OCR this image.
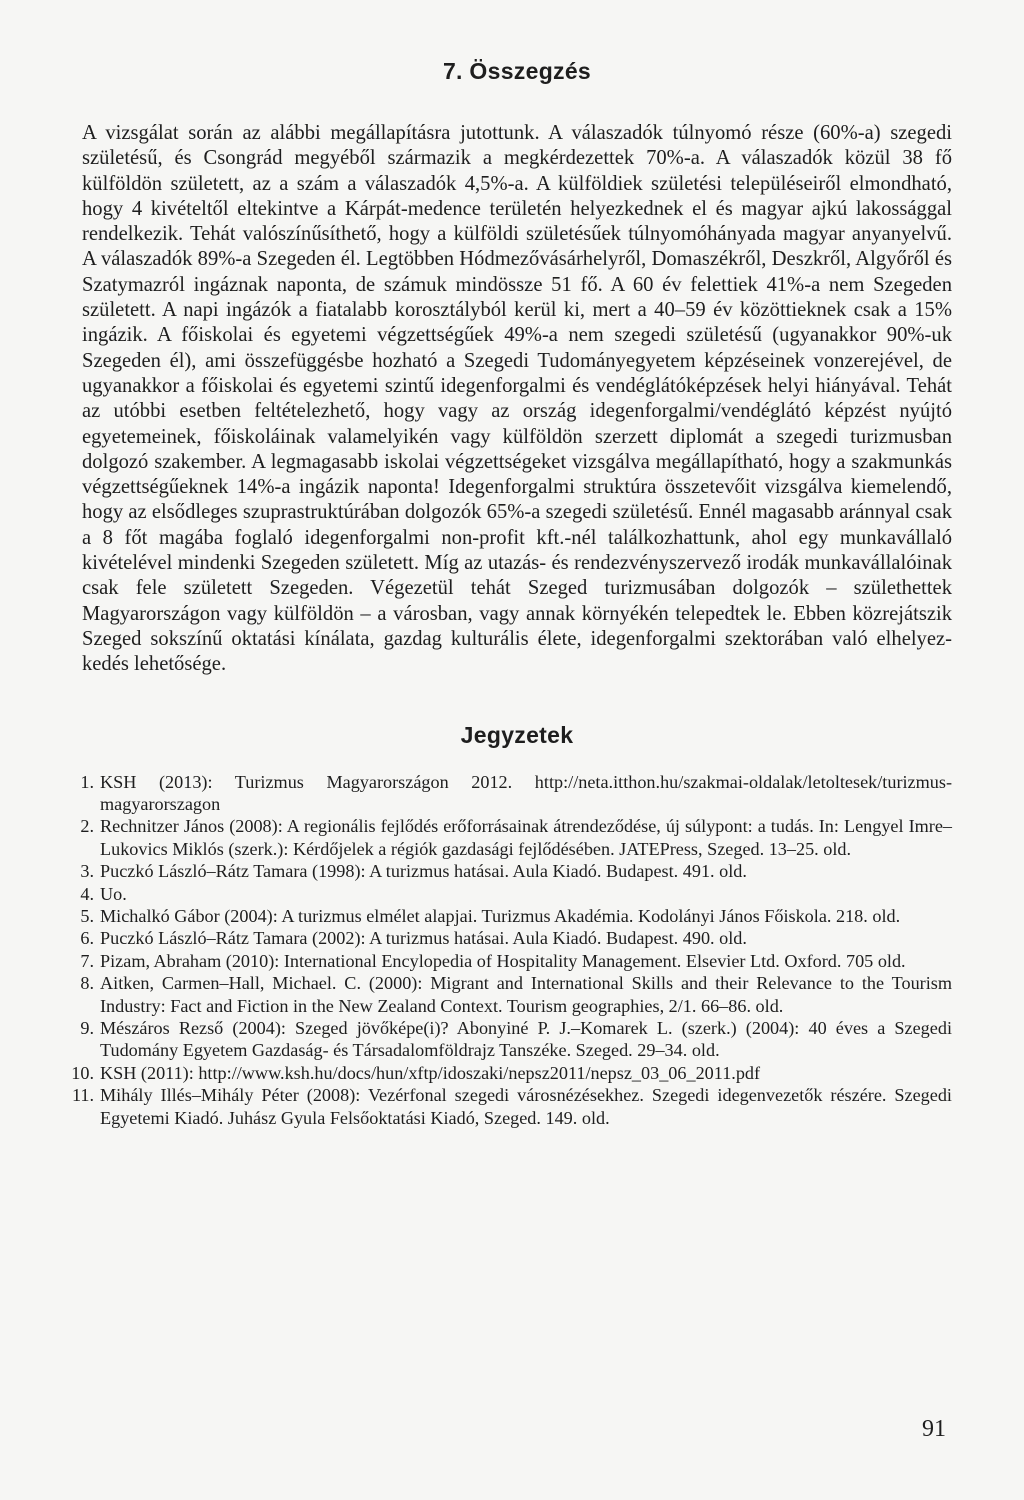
7. Összegzés

A vizsgálat során az alábbi megállapításra jutottunk. A válaszadók túlnyomó része (60%-a) szegedi születésű, és Csongrád megyéből származik a megkérdezettek 70%-a. A válaszadók közül 38 fő külföldön született, az a szám a válaszadók 4,5%-a. A külföldiek születési településeiről elmondható, hogy 4 kivételtől eltekintve a Kárpát-medence területén helyezkednek el és magyar ajkú lakossággal rendelkezik. Tehát valószínűsíthető, hogy a külföldi születésűek túlnyomóhányada magyar anyanyelvű. A válaszadók 89%-a Szegeden él. Legtöbben Hódmezővásárhelyről, Domaszékről, Deszkről, Algyőről és Szatymazról ingáznak naponta, de számuk mindössze 51 fő. A 60 év felettiek 41%-a nem Szegeden született. A napi ingázók a fiatalabb korosztályból kerül ki, mert a 40–59 év közöttieknek csak a 15% ingázik. A főiskolai és egyetemi végzettségűek 49%-a nem szegedi születésű (ugyanakkor 90%-uk Szegeden él), ami összefüggésbe hozható a Szegedi Tudományegyetem képzéseinek vonzerejével, de ugyanakkor a főiskolai és egyetemi szintű idegenforgalmi és vendéglátóképzések helyi hiányával. Tehát az utóbbi esetben feltételezhető, hogy vagy az ország idegenforgalmi/vendéglátó képzést nyújtó egyetemeinek, főiskoláinak valamelyikén vagy külföldön szerzett diplomát a szegedi turizmusban dolgozó szakember. A legmagasabb iskolai végzettségeket vizsgálva megállapítható, hogy a szakmunkás végzettségűeknek 14%-a ingázik naponta! Idegenforgalmi struktúra összetevőit vizsgálva kiemelendő, hogy az elsődleges szuprastruktúrában dolgozók 65%-a szegedi születésű. Ennél magasabb aránnyal csak a 8 főt magába foglaló idegenforgalmi non-profit kft.-nél találkozhattunk, ahol egy munkavállaló kivételével mindenki Szegeden született. Míg az utazás- és rendezvényszervező irodák munkavállalóinak csak fele született Szegeden. Végezetül tehát Szeged turizmusában dolgozók – születhettek Magyarországon vagy külföldön – a városban, vagy annak környékén telepedtek le. Ebben közrejátszik Szeged sokszínű oktatási kínálata, gazdag kulturális élete, idegenforgalmi szektorában való elhelyezkedés lehetősége.

Jegyzetek
1. KSH (2013): Turizmus Magyarországon 2012. http://neta.itthon.hu/szakmai-oldalak/​letoltesek/turizmus-magyarorszagon
2. Rechnitzer János (2008): A regionális fejlődés erőforrásainak átrendeződése, új súlypont: a tudás. In: Lengyel Imre–Lukovics Miklós (szerk.): Kérdőjelek a régiók gazdasági fejlődésében. JATEPress, Szeged. 13–25. old.
3. Puczkó László–Rátz Tamara (1998): A turizmus hatásai. Aula Kiadó. Budapest. 491. old.
4. Uo.
5. Michalkó Gábor (2004): A turizmus elmélet alapjai. Turizmus Akadémia. Kodolányi János Főiskola. 218. old.
6. Puczkó László–Rátz Tamara (2002): A turizmus hatásai. Aula Kiadó. Budapest. 490. old.
7. Pizam, Abraham (2010): International Encylopedia of Hospitality Management. Elsevier Ltd. Oxford. 705 old.
8. Aitken, Carmen–Hall, Michael. C. (2000): Migrant and International Skills and their Relevance to the Tourism Industry: Fact and Fiction in the New Zealand Context. Tourism geographies, 2/1. 66–86. old.
9. Mészáros Rezső (2004): Szeged jövőképe(i)? Abonyiné P. J.–Komarek L. (szerk.) (2004): 40 éves a Szegedi Tudomány Egyetem Gazdaság- és Társadalomföldrajz Tanszéke. Szeged. 29–34. old.
10. KSH (2011): http://www.ksh.hu/docs/hun/xftp/idoszaki/nepsz2011/nepsz_03_06_2011.pdf
11. Mihály Illés–Mihály Péter (2008): Vezérfonal szegedi városnézésekhez. Szegedi idegenvezetők részére. Szegedi Egyetemi Kiadó. Juhász Gyula Felsőoktatási Kiadó, Szeged. 149. old.
91
